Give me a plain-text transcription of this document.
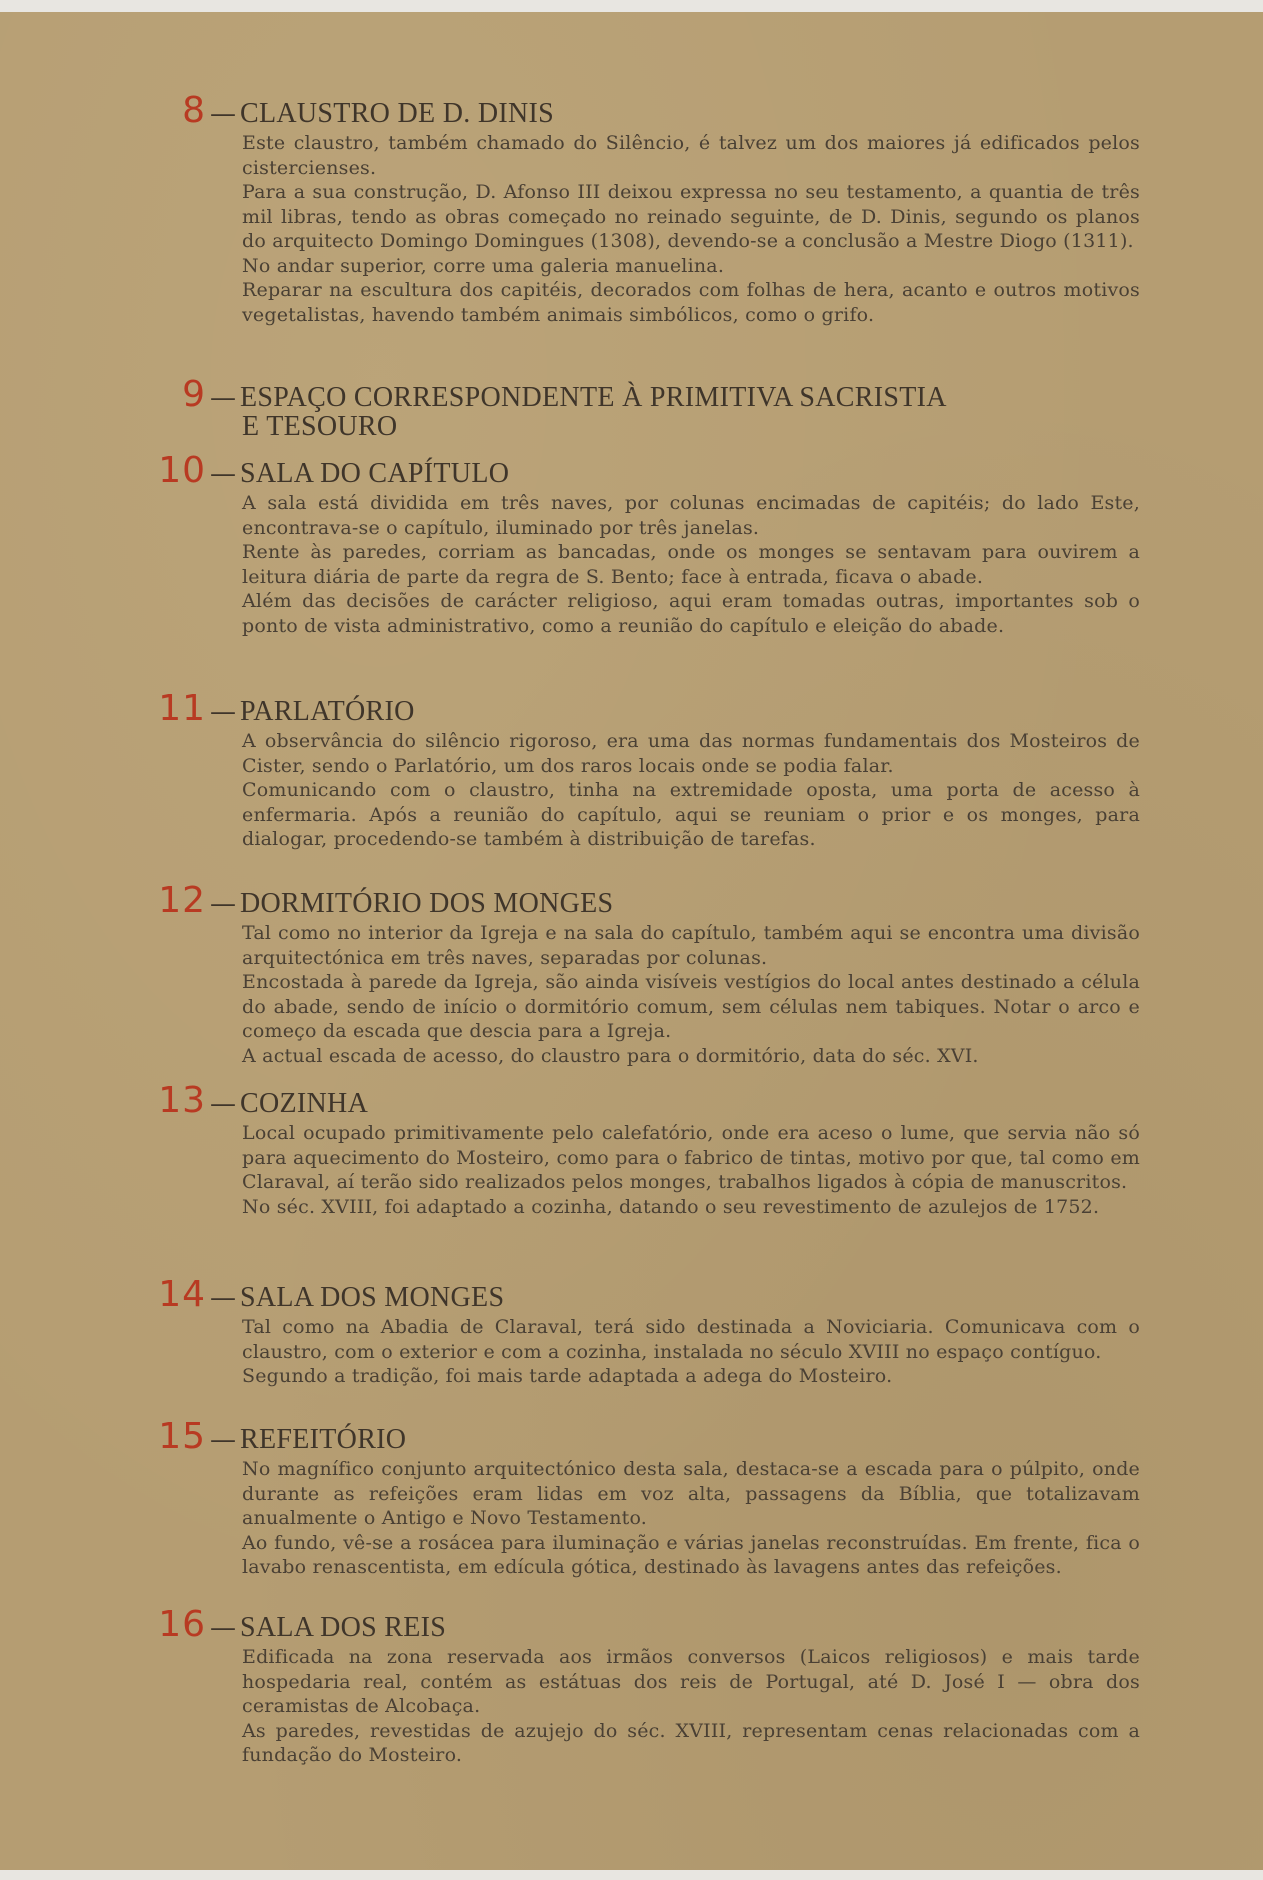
8 — CLAUSTRO DE D. DINIS

Este claustro, também chamado do Silêncio, é talvez um dos maiores já edificados pelos cistercienses.

Para a sua construção, D. Afonso III deixou expressa no seu testamento, a quantia de três mil libras, tendo as obras começado no reinado seguinte, de D. Dinis, segundo os planos do arquitecto Domingo Domingues (1308), devendo-se a conclusão a Mestre Diogo (1311).

No andar superior, corre uma galeria manuelina.

Reparar na escultura dos capitéis, decorados com folhas de hera, acanto e outros motivos vegetalistas, havendo também animais simbólicos, como o grifo.

9 — ESPAÇO CORRESPONDENTE À PRIMITIVA SACRISTIA
E TESOURO
10 — SALA DO CAPÍTULO

A sala está dividida em três naves, por colunas encimadas de capitéis; do lado Este, encontrava-se o capítulo, iluminado por três janelas.

Rente às paredes, corriam as bancadas, onde os monges se sentavam para ouvirem a leitura diária de parte da regra de S. Bento; face à entrada, ficava o abade.

Além das decisões de carácter religioso, aqui eram tomadas outras, importantes sob o ponto de vista administrativo, como a reunião do capítulo e eleição do abade.

11 — PARLATÓRIO

A observância do silêncio rigoroso, era uma das normas fundamentais dos Mosteiros de Cister, sendo o Parlatório, um dos raros locais onde se podia falar.

Comunicando com o claustro, tinha na extremidade oposta, uma porta de acesso à enfermaria. Após a reunião do capítulo, aqui se reuniam o prior e os monges, para dialogar, procedendo-se também à distribuição de tarefas.

12 — DORMITÓRIO DOS MONGES

Tal como no interior da Igreja e na sala do capítulo, também aqui se encontra uma divisão arquitectónica em três naves, separadas por colunas.

Encostada à parede da Igreja, são ainda visíveis vestígios do local antes destinado a célula do abade, sendo de início o dormitório comum, sem células nem tabiques. Notar o arco e começo da escada que descia para a Igreja.

A actual escada de acesso, do claustro para o dormitório, data do séc. XVI.

13 — COZINHA

Local ocupado primitivamente pelo calefatório, onde era aceso o lume, que servia não só para aquecimento do Mosteiro, como para o fabrico de tintas, motivo por que, tal como em Claraval, aí terão sido realizados pelos monges, trabalhos ligados à cópia de manuscritos.

No séc. XVIII, foi adaptado a cozinha, datando o seu revestimento de azulejos de 1752.

14 — SALA DOS MONGES

Tal como na Abadia de Claraval, terá sido destinada a Noviciaria. Comunicava com o claustro, com o exterior e com a cozinha, instalada no século XVIII no espaço contíguo.

Segundo a tradição, foi mais tarde adaptada a adega do Mosteiro.

15 — REFEITÓRIO

No magnífico conjunto arquitectónico desta sala, destaca-se a escada para o púlpito, onde durante as refeições eram lidas em voz alta, passagens da Bíblia, que totalizavam anualmente o Antigo e Novo Testamento.

Ao fundo, vê-se a rosácea para iluminação e várias janelas reconstruídas. Em frente, fica o lavabo renascentista, em edícula gótica, destinado às lavagens antes das refeições.

16 — SALA DOS REIS

Edificada na zona reservada aos irmãos conversos (Laicos religiosos) e mais tarde hospedaria real, contém as estátuas dos reis de Portugal, até D. José I — obra dos ceramistas de Alcobaça.

As paredes, revestidas de azujejo do séc. XVIII, representam cenas relacionadas com a fundação do Mosteiro.
